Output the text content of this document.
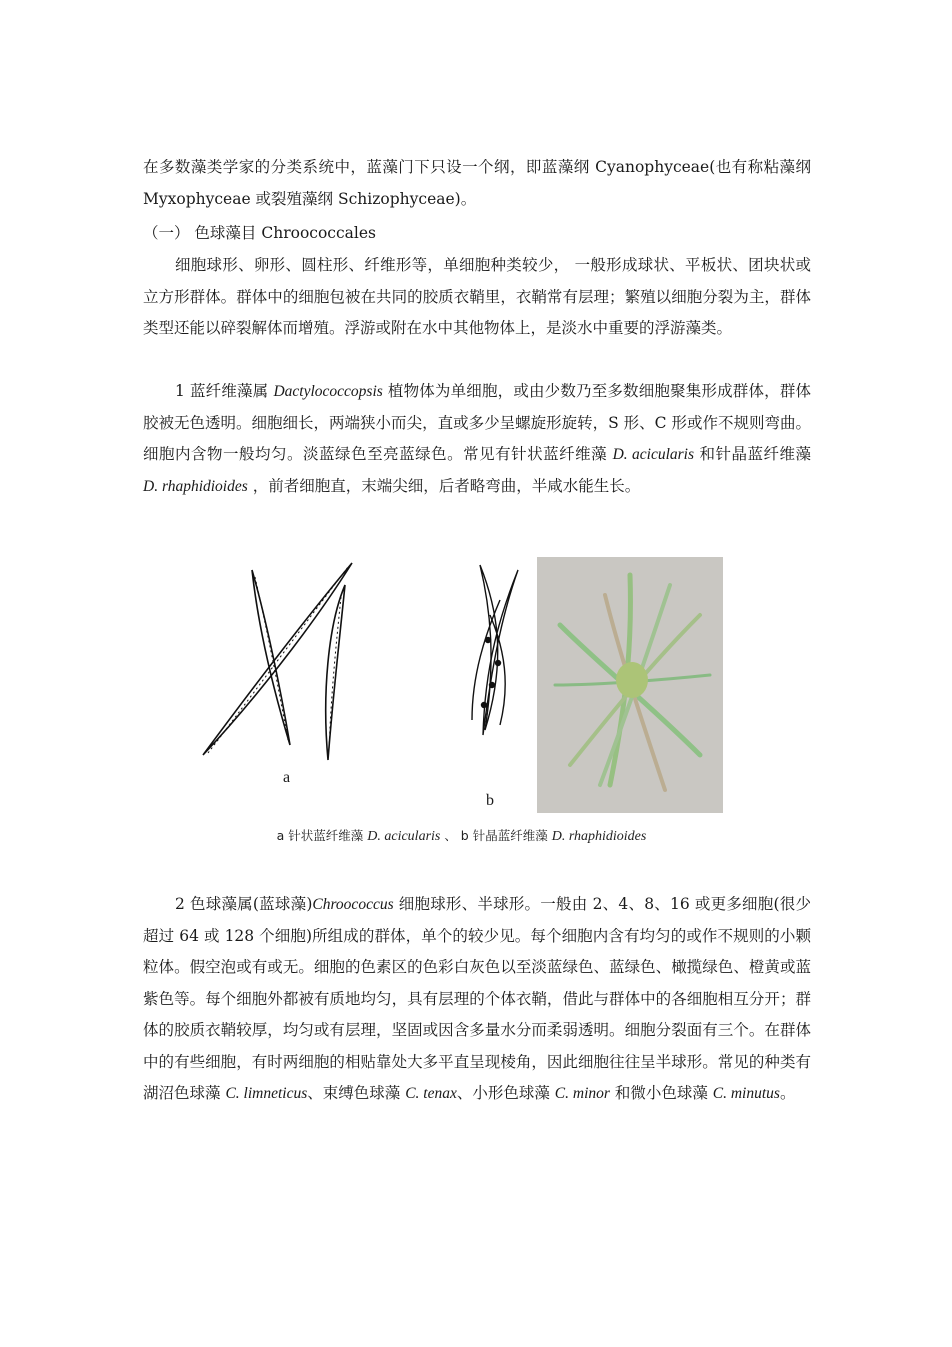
在多数藻类学家的分类系统中，蓝藻门下只设一个纲，即蓝藻纲 Cyanophyceae(也有称粘藻纲 Myxophyceae 或裂殖藻纲 Schizophyceae)。

（一） 色球藻目 Chroococcales

细胞球形、卵形、圆柱形、纤维形等，单细胞种类较少， 一般形成球状、平板状、团块状或立方形群体。群体中的细胞包被在共同的胶质衣鞘里，衣鞘常有层理；繁殖以细胞分裂为主，群体类型还能以碎裂解体而增殖。浮游或附在水中其他物体上，是淡水中重要的浮游藻类。

1 蓝纤维藻属 Dactylococcopsis 植物体为单细胞，或由少数乃至多数细胞聚集形成群体，群体胶被无色透明。细胞细长，两端狭小而尖，直或多少呈螺旋形旋转，S 形、C 形或作不规则弯曲。细胞内含物一般均匀。淡蓝绿色至亮蓝绿色。常见有针状蓝纤维藻 D. acicularis 和针晶蓝纤维藻 D. rhaphidioides ，前者细胞直，末端尖细，后者略弯曲，半咸水能生长。

a
b
a 针状蓝纤维藻 D. acicularis 、 b 针晶蓝纤维藻 D. rhaphidioides

2 色球藻属(蓝球藻)Chroococcus 细胞球形、半球形。一般由 2、4、8、16 或更多细胞(很少超过 64 或 128 个细胞)所组成的群体，单个的较少见。每个细胞内含有均匀的或作不规则的小颗粒体。假空泡或有或无。细胞的色素区的色彩白灰色以至淡蓝绿色、蓝绿色、橄揽绿色、橙黄或蓝紫色等。每个细胞外都被有质地均匀，具有层理的个体衣鞘，借此与群体中的各细胞相互分开；群体的胶质衣鞘较厚，均匀或有层理，坚固或因含多量水分而柔弱透明。细胞分裂面有三个。在群体中的有些细胞，有时两细胞的相贴靠处大多平直呈现棱角，因此细胞往往呈半球形。常见的种类有湖沼色球藻 C. limneticus、束缚色球藻 C. tenax、小形色球藻 C. minor 和微小色球藻 C. minutus。
